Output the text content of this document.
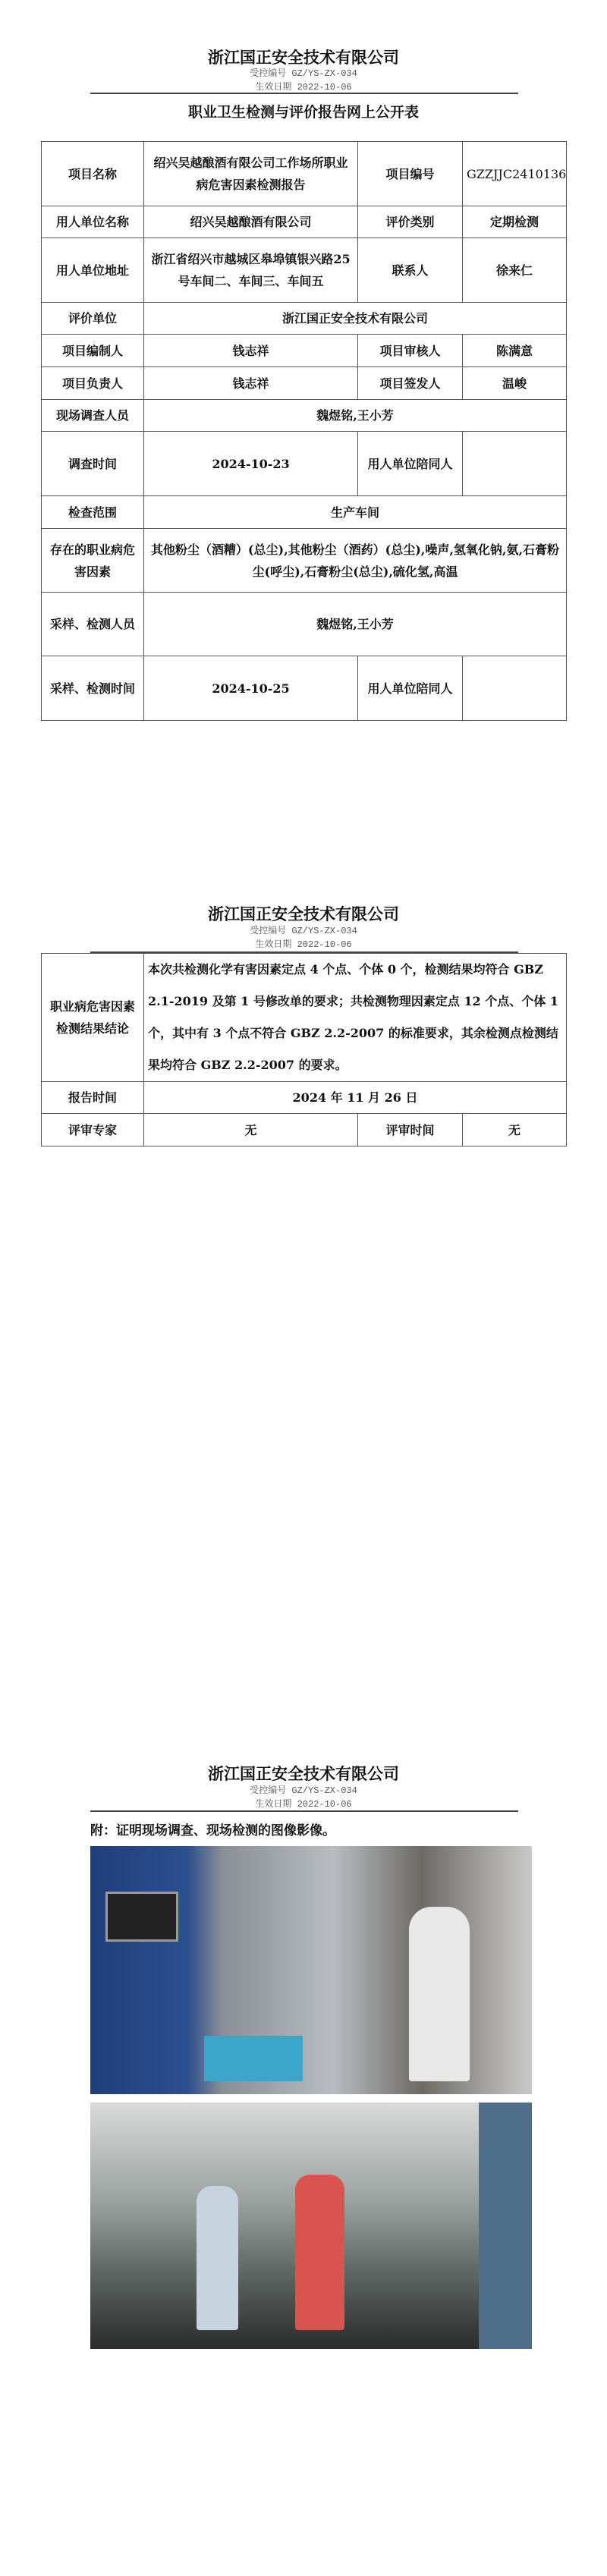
浙江国正安全技术有限公司
受控编号 GZ/YS-ZX-034
生效日期 2022-10-06
职业卫生检测与评价报告网上公开表
项目名称	绍兴吴越酿酒有限公司工作场所职业病危害因素检测报告	项目编号	GZZJJC2410136
用人单位名称	绍兴吴越酿酒有限公司	评价类别	定期检测
用人单位地址	浙江省绍兴市越城区皋埠镇银兴路25号车间二、车间三、车间五	联系人	徐来仁
评价单位	浙江国正安全技术有限公司		
项目编制人	钱志祥	项目审核人	陈满意
项目负责人	钱志祥	项目签发人	温峻
现场调查人员	魏煜铭,王小芳		
调查时间	2024-10-23	用人单位陪同人	
检查范围	生产车间		
存在的职业病危害因素	其他粉尘（酒糟）(总尘),其他粉尘（酒药）(总尘),噪声,氢氧化钠,氨,石膏粉尘(呼尘),石膏粉尘(总尘),硫化氢,高温		
采样、检测人员	魏煜铭,王小芳		
采样、检测时间	2024-10-25	用人单位陪同人	
浙江国正安全技术有限公司
受控编号 GZ/YS-ZX-034
生效日期 2022-10-06
职业病危害因素检测结果结论	本次共检测化学有害因素定点 4 个点、个体 0 个，检测结果均符合 GBZ 2.1-2019 及第 1 号修改单的要求；共检测物理因素定点 12 个点、个体 1 个，其中有 3 个点不符合 GBZ 2.2-2007 的标准要求，其余检测点检测结果均符合 GBZ 2.2-2007 的要求。		
报告时间	2024 年 11 月 26 日		
评审专家	无	评审时间	无
浙江国正安全技术有限公司
受控编号 GZ/YS-ZX-034
生效日期 2022-10-06
附：证明现场调查、现场检测的图像影像。
